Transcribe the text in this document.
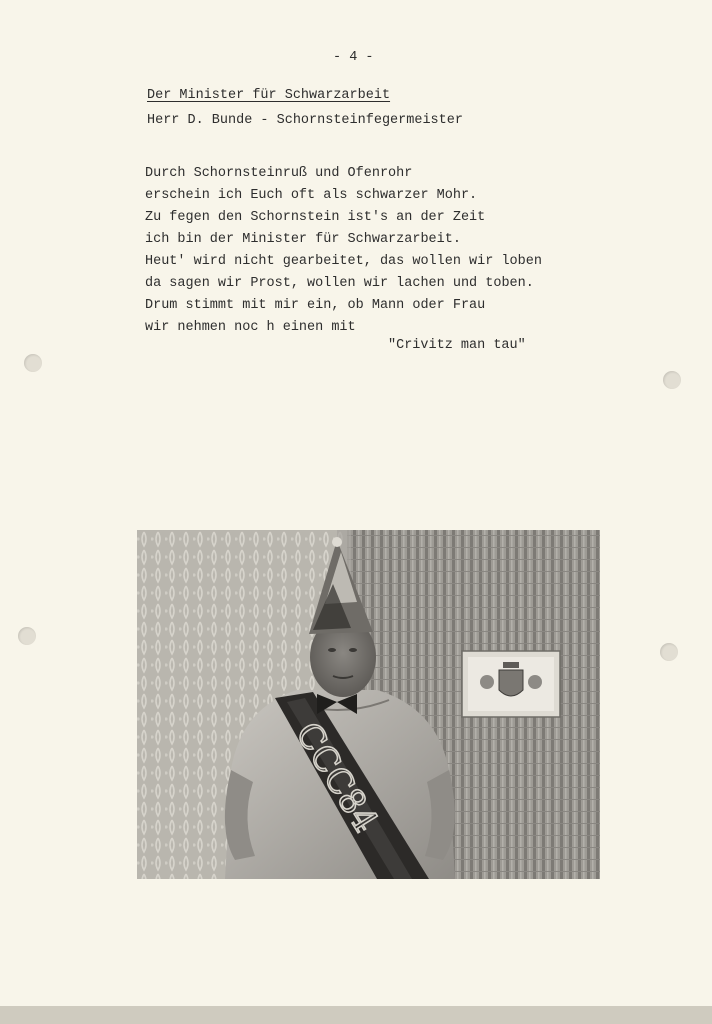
- 4 -
Der Minister für Schwarzarbeit
Herr D. Bunde - Schornsteinfegermeister
Durch Schornsteinruß und Ofenrohr
erschein ich Euch oft als schwarzer Mohr.
Zu fegen den Schornstein ist's an der Zeit
ich bin der Minister für Schwarzarbeit.
Heut' wird nicht gearbeitet, das wollen wir loben
da sagen wir Prost, wollen wir lachen und toben.
Drum stimmt mit mir ein, ob Mann oder Frau
wir nehmen noc h einen mit
"Crivitz man tau"
CCC84
